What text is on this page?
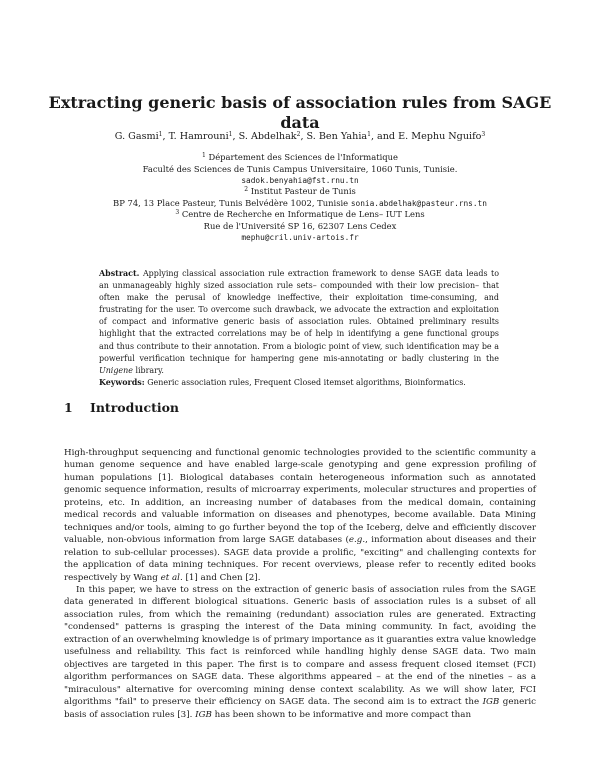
Extracting generic basis of association rules from SAGE data
G. Gasmi$^1$, T. Hamrouni$^1$, S. Abdelhak$^2$, S. Ben Yahia$^1$, and E. Mephu Nguifo$^3$
$^1$ Département des Sciences de l'Informatique
Faculté des Sciences de Tunis Campus Universitaire, 1060 Tunis, Tunisie.
sadok.benyahia@fst.rnu.tn
$^2$ Institut Pasteur de Tunis
BP 74, 13 Place Pasteur, Tunis Belvédère 1002, Tunisie sonia.abdelhak@pasteur.rns.tn
$^3$ Centre de Recherche en Informatique de Lens– IUT Lens
Rue de l'Université SP 16, 62307 Lens Cedex
mephu@cril.univ-artois.fr
Abstract. Applying classical association rule extraction framework to dense SAGE data leads to an unmanageably highly sized association rule sets– compounded with their low precision– that often make the perusal of knowledge ineffective, their exploitation time-consuming, and frustrating for the user. To overcome such drawback, we advocate the extraction and exploitation of compact and informative generic basis of association rules. Obtained preliminary results highlight that the extracted correlations may be of help in identifying a gene functional groups and thus contribute to their annotation. From a biologic point of view, such identification may be a powerful verification technique for hampering gene mis-annotating or badly clustering in the Unigene library.
Keywords: Generic association rules, Frequent Closed itemset algorithms, Bioinformatics.
1 Introduction

High-throughput sequencing and functional genomic technologies provided to the scientific community a human genome sequence and have enabled large-scale genotyping and gene expression profiling of human populations [1]. Biological databases contain heterogeneous information such as annotated genomic sequence information, results of microarray experiments, molecular structures and properties of proteins, etc. In addition, an increasing number of databases from the medical domain, containing medical records and valuable information on diseases and phenotypes, become available. Data Mining techniques and/or tools, aiming to go further beyond the top of the Iceberg, delve and efficiently discover valuable, non-obvious information from large SAGE databases (e.g., information about diseases and their relation to sub-cellular processes). SAGE data provide a prolific, "exciting" and challenging contexts for the application of data mining techniques. For recent overviews, please refer to recently edited books respectively by Wang et al. [1] and Chen [2].

In this paper, we have to stress on the extraction of generic basis of association rules from the SAGE data generated in different biological situations. Generic basis of association rules is a subset of all association rules, from which the remaining (redundant) association rules are generated. Extracting "condensed" patterns is grasping the interest of the Data mining community. In fact, avoiding the extraction of an overwhelming knowledge is of primary importance as it guaranties extra value knowledge usefulness and reliability. This fact is reinforced while handling highly dense SAGE data. Two main objectives are targeted in this paper. The first is to compare and assess frequent closed itemset (FCI) algorithm performances on SAGE data. These algorithms appeared – at the end of the nineties – as a "miraculous" alternative for overcoming mining dense context scalability. As we will show later, FCI algorithms "fail" to preserve their efficiency on SAGE data. The second aim is to extract the IGB generic basis of association rules [3]. IGB has been shown to be informative and more compact than
